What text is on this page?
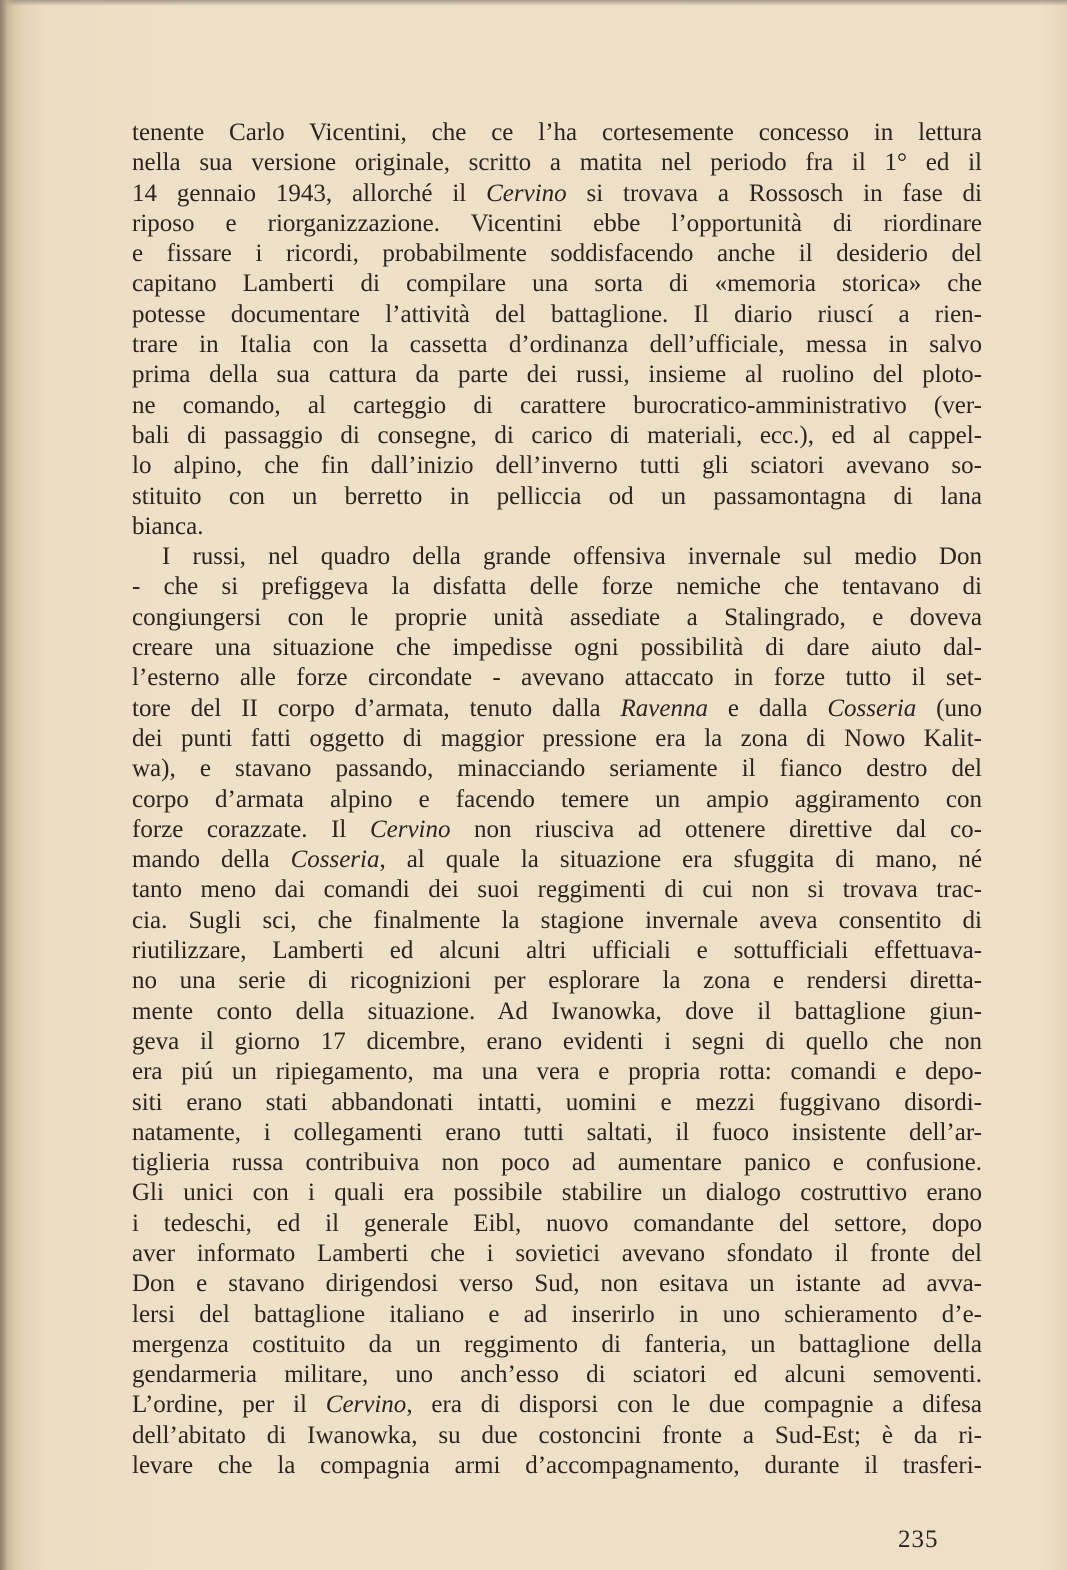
tenente Carlo Vicentini, che ce l’ha cortesemente concesso in lettura
nella sua versione originale, scritto a matita nel periodo fra il 1° ed il
14 gennaio 1943, allorché il Cervino si trovava a Rossosch in fase di
riposo e riorganizzazione. Vicentini ebbe l’opportunità di riordinare
e fissare i ricordi, probabilmente soddisfacendo anche il desiderio del
capitano Lamberti di compilare una sorta di «memoria storica» che
potesse documentare l’attività del battaglione. Il diario riuscí a rien-
trare in Italia con la cassetta d’ordinanza dell’ufficiale, messa in salvo
prima della sua cattura da parte dei russi, insieme al ruolino del ploto-
ne comando, al carteggio di carattere burocratico-amministrativo (ver-
bali di passaggio di consegne, di carico di materiali, ecc.), ed al cappel-
lo alpino, che fin dall’inizio dell’inverno tutti gli sciatori avevano so-
stituito con un berretto in pelliccia od un passamontagna di lana
bianca.
I russi, nel quadro della grande offensiva invernale sul medio Don
- che si prefiggeva la disfatta delle forze nemiche che tentavano di
congiungersi con le proprie unità assediate a Stalingrado, e doveva
creare una situazione che impedisse ogni possibilità di dare aiuto dal-
l’esterno alle forze circondate - avevano attaccato in forze tutto il set-
tore del II corpo d’armata, tenuto dalla Ravenna e dalla Cosseria (uno
dei punti fatti oggetto di maggior pressione era la zona di Nowo Kalit-
wa), e stavano passando, minacciando seriamente il fianco destro del
corpo d’armata alpino e facendo temere un ampio aggiramento con
forze corazzate. Il Cervino non riusciva ad ottenere direttive dal co-
mando della Cosseria, al quale la situazione era sfuggita di mano, né
tanto meno dai comandi dei suoi reggimenti di cui non si trovava trac-
cia. Sugli sci, che finalmente la stagione invernale aveva consentito di
riutilizzare, Lamberti ed alcuni altri ufficiali e sottufficiali effettuava-
no una serie di ricognizioni per esplorare la zona e rendersi diretta-
mente conto della situazione. Ad Iwanowka, dove il battaglione giun-
geva il giorno 17 dicembre, erano evidenti i segni di quello che non
era piú un ripiegamento, ma una vera e propria rotta: comandi e depo-
siti erano stati abbandonati intatti, uomini e mezzi fuggivano disordi-
natamente, i collegamenti erano tutti saltati, il fuoco insistente dell’ar-
tiglieria russa contribuiva non poco ad aumentare panico e confusione.
Gli unici con i quali era possibile stabilire un dialogo costruttivo erano
i tedeschi, ed il generale Eibl, nuovo comandante del settore, dopo
aver informato Lamberti che i sovietici avevano sfondato il fronte del
Don e stavano dirigendosi verso Sud, non esitava un istante ad avva-
lersi del battaglione italiano e ad inserirlo in uno schieramento d’e-
mergenza costituito da un reggimento di fanteria, un battaglione della
gendarmeria militare, uno anch’esso di sciatori ed alcuni semoventi.
L’ordine, per il Cervino, era di disporsi con le due compagnie a difesa
dell’abitato di Iwanowka, su due costoncini fronte a Sud-Est; è da ri-
levare che la compagnia armi d’accompagnamento, durante il trasferi-
235
